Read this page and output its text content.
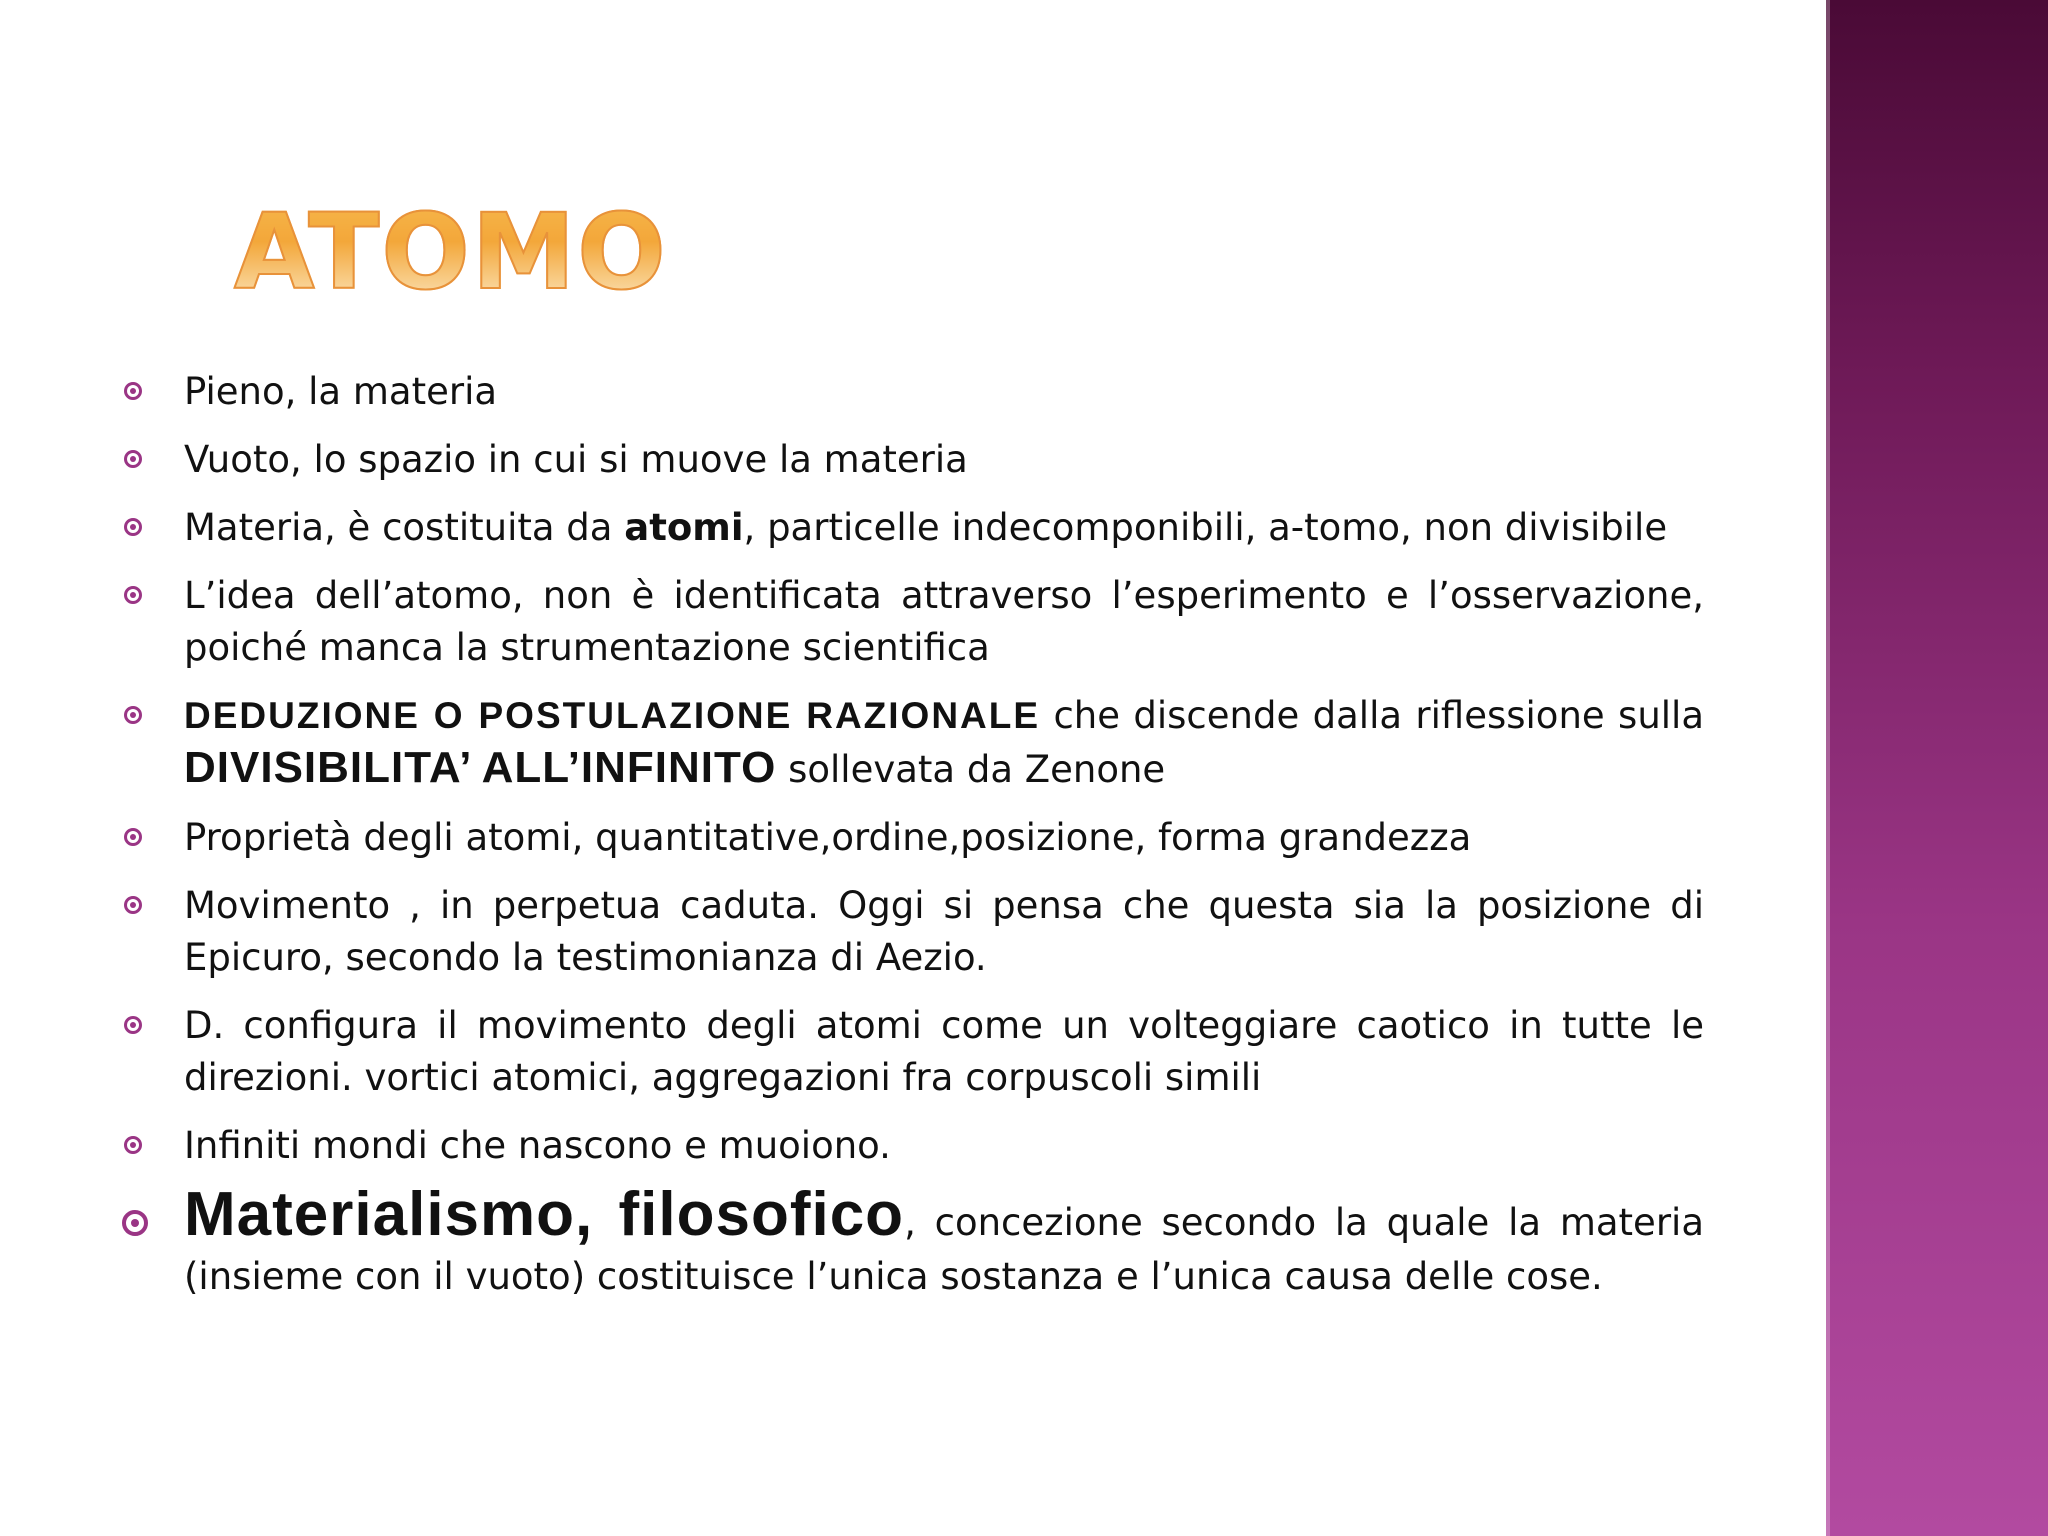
ATOMO
Pieno, la materia
Vuoto, lo spazio in cui si muove la materia
Materia, è costituita da atomi, particelle indecomponibili, a-tomo, non divisibile
L’idea dell’atomo, non è identificata attraverso l’esperimento e l’osservazione, poiché manca la strumentazione scientifica
DEDUZIONE O POSTULAZIONE RAZIONALE che discende dalla riflessione sulla DIVISIBILITA’ ALL’INFINITO sollevata da Zenone
Proprietà degli atomi, quantitative,ordine,posizione, forma grandezza
Movimento , in perpetua caduta. Oggi si pensa che questa sia la posizione di Epicuro, secondo la testimonianza di Aezio.
D. configura il movimento degli atomi come un volteggiare caotico in tutte le direzioni. vortici atomici, aggregazioni fra corpuscoli simili
Infiniti mondi che nascono e muoiono.
Materialismo, filosofico, concezione secondo la quale la materia (insieme con il vuoto) costituisce l’unica sostanza e l’unica causa delle cose.
